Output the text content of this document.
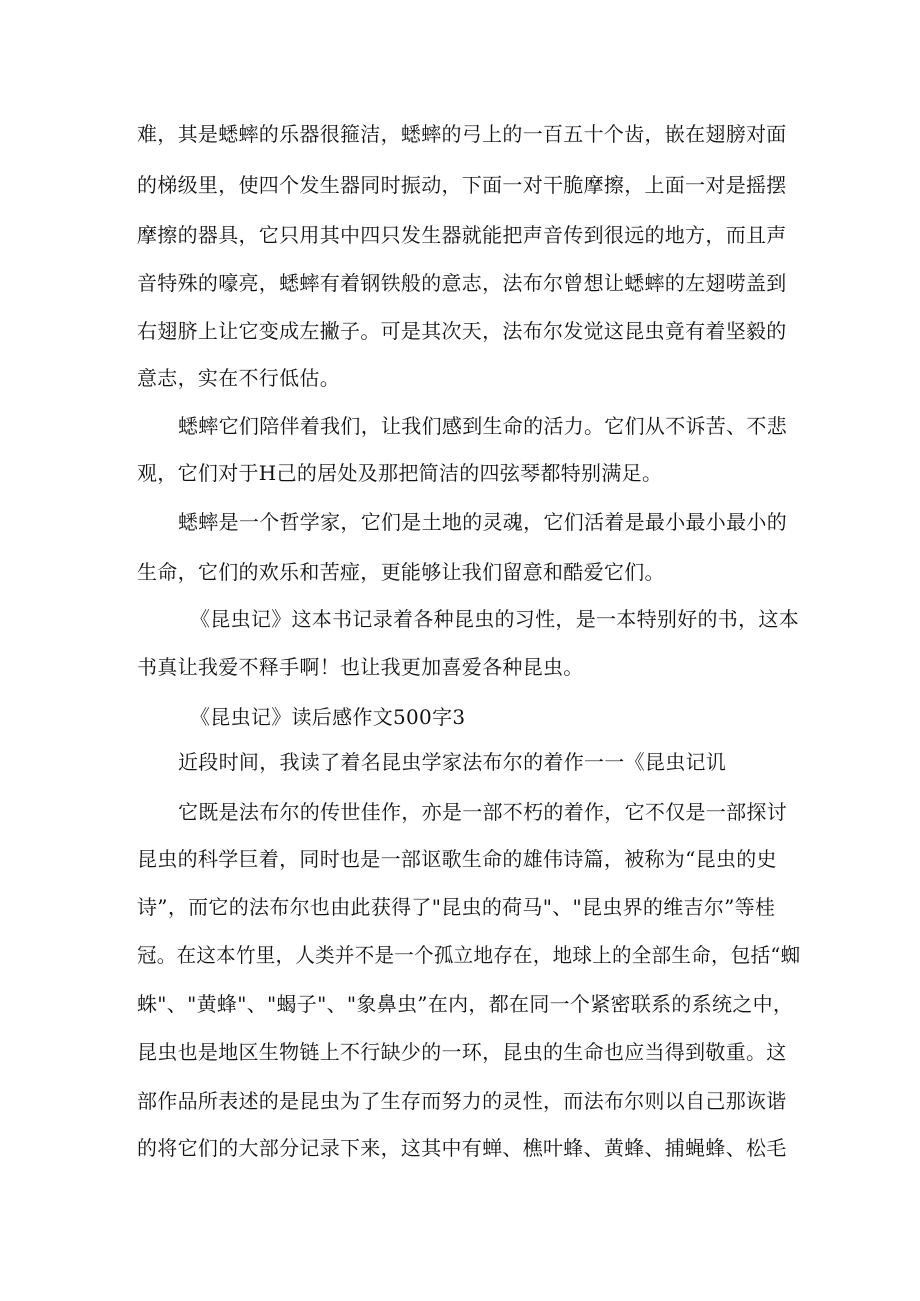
难，其是蟋蟀的乐器很箍洁，蟋蟀的弓上的一百五十个齿，嵌在翅膀对面
的梯级里，使四个发生器同时振动，下面一对干脆摩擦，上面一对是摇摆
摩擦的器具，它只用其中四只发生器就能把声音传到很远的地方，而且声
音特殊的嚎亮，蟋蟀有着钢铁般的意志，法布尔曾想让蟋蟀的左翅唠盖到
右翅脐上让它变成左撇子。可是其次天，法布尔发觉这昆虫竟有着坚毅的
意志，实在不行低估。
蟋蟀它们陪伴着我们，让我们感到生命的活力。它们从不诉苦、不悲
观，它们对于H己的居处及那把简洁的四弦琴都特别满足。
蟋蟀是一个哲学家，它们是土地的灵魂，它们活着是最小最小最小的
生命，它们的欢乐和苦痖，更能够让我们留意和酷爱它们。
《昆虫记》这本书记录着各种昆虫的习性，是一本特别好的书，这本
书真让我爱不释手啊！也让我更加喜爱各种昆虫。
《昆虫记》读后感作文500字3
近段时间，我读了着名昆虫学家法布尔的着作一一《昆虫记讥
它既是法布尔的传世佳作，亦是一部不朽的着作，它不仅是一部探讨
昆虫的科学巨着，同时也是一部讴歌生命的雄伟诗篇，被称为“昆虫的史
诗”，而它的法布尔也由此获得了"昆虫的荷马"、"昆虫界的维吉尔”等桂
冠。在这本竹里，人类并不是一个孤立地存在，地球上的全部生命，包括“蜘
蛛"、"黄蜂"、"蝎子"、"象鼻虫”在内，都在同一个紧密联系的系统之中，
昆虫也是地区生物链上不行缺少的一环，昆虫的生命也应当得到敬重。这
部作品所表述的是昆虫为了生存而努力的灵性，而法布尔则以自己那诙谐
的将它们的大部分记录下来，这其中有蝉、樵叶蜂、黄蜂、捕蝇蜂、松毛
